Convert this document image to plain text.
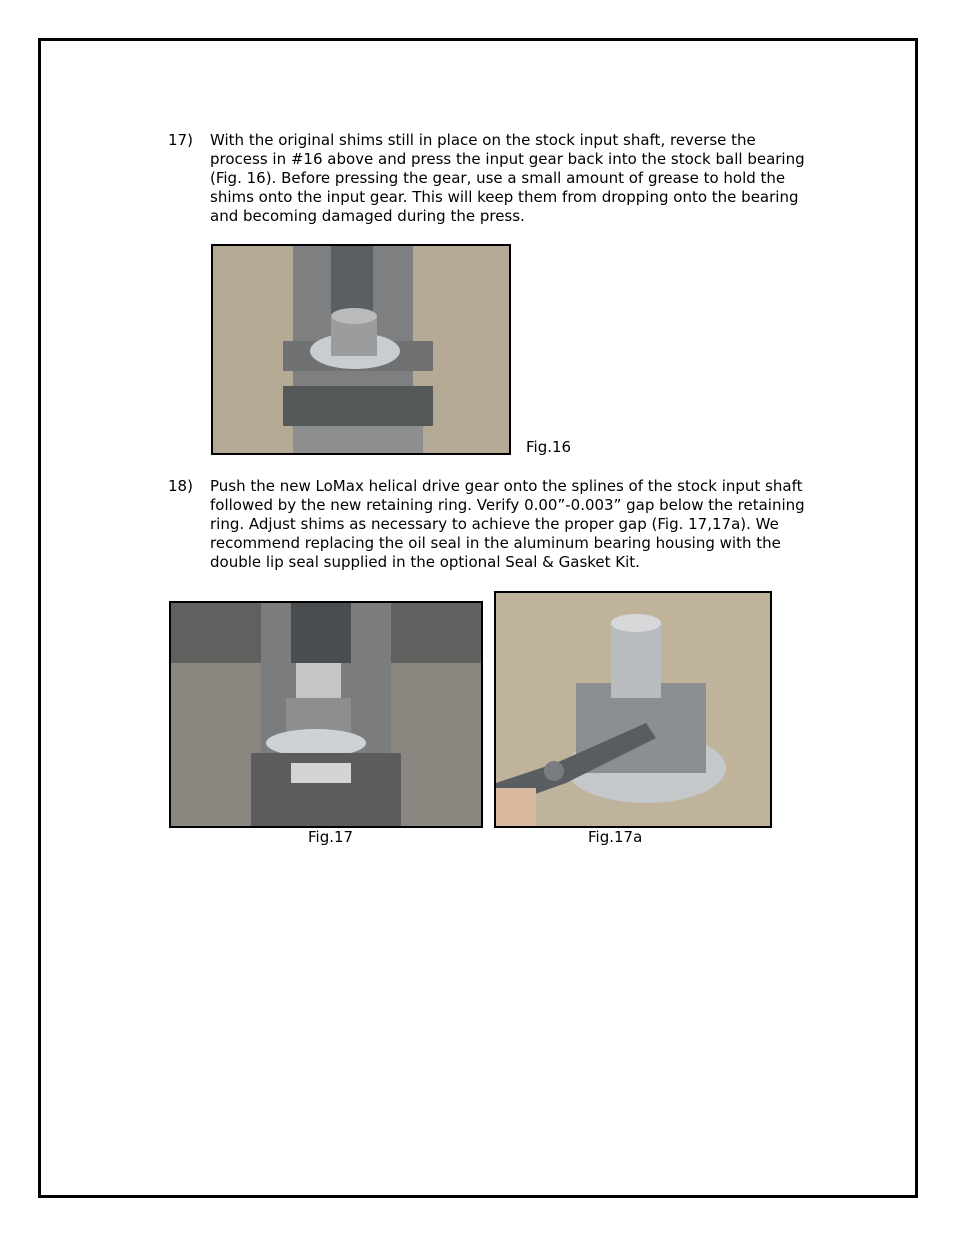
17) With the original shims still in place on the stock input shaft, reverse the process in #16 above and press the input gear back into the stock ball bearing (Fig. 16). Before pressing the gear, use a small amount of grease to hold the shims onto the input gear. This will keep them from dropping onto the bearing and becoming damaged during the press.
Fig.16
18) Push the new LoMax helical drive gear onto the splines of the stock input shaft followed by the new retaining ring. Verify 0.00”-0.003” gap below the retaining ring. Adjust shims as necessary to achieve the proper gap (Fig. 17,17a). We recommend replacing the oil seal in the aluminum bearing housing with the double lip seal supplied in the optional Seal & Gasket Kit.
Fig.17	Fig.17a
